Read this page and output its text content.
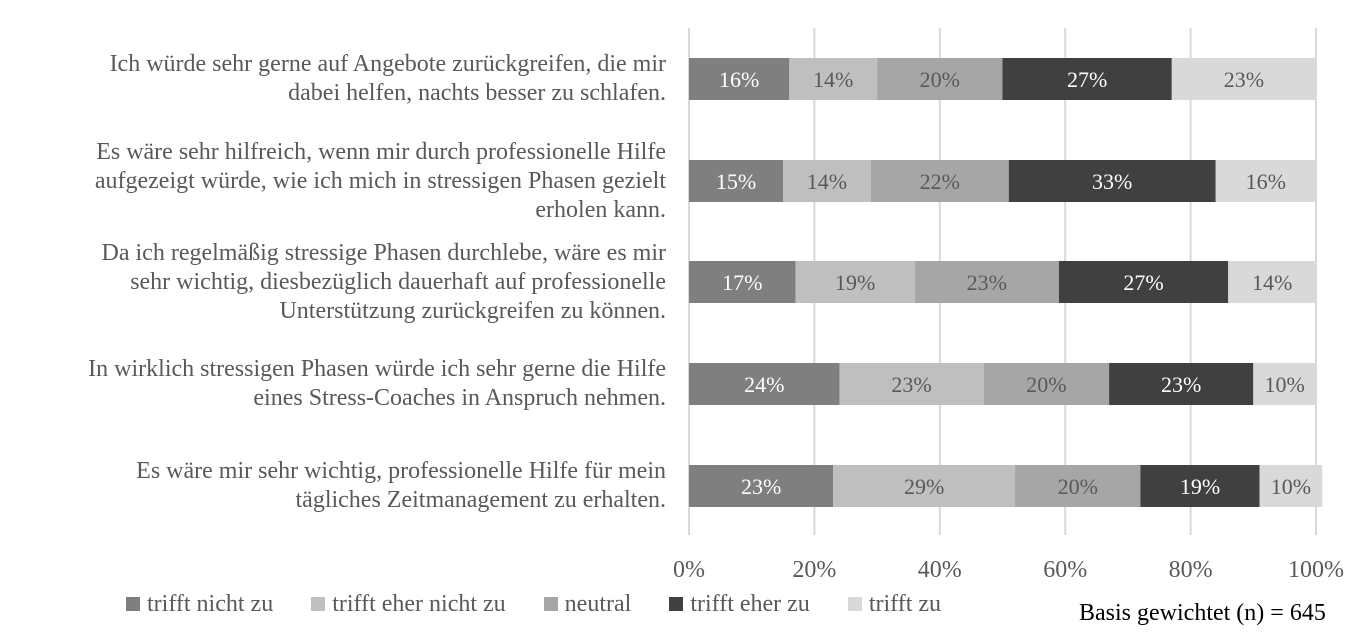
Ich würde sehr gerne auf Angebote zurückgreifen, die mir
dabei helfen, nachts besser zu schlafen.
Es wäre sehr hilfreich, wenn mir durch professionelle Hilfe
aufgezeigt würde, wie ich mich in stressigen Phasen gezielt
erholen kann.
Da ich regelmäßig stressige Phasen durchlebe, wäre es mir
sehr wichtig, diesbezüglich dauerhaft auf professionelle
Unterstützung zurückgreifen zu können.
In wirklich stressigen Phasen würde ich sehr gerne die Hilfe
eines Stress-Coaches in Anspruch nehmen.
Es wäre mir sehr wichtig, professionelle Hilfe für mein
tägliches Zeitmanagement zu erhalten.
0%	20%	40%	60%	80%	100%
16% 14%	20%	27%	23%
15% 14%	22%	33%	16%
17%	19%	23%	27%	14%
24%	23%	20%	23%	10%
23%	29%	20%	19% 10%
trifft nicht zu trifft eher nicht zu neutral trifft eher zu trifft zu	Basis gewichtet (n) = 645
